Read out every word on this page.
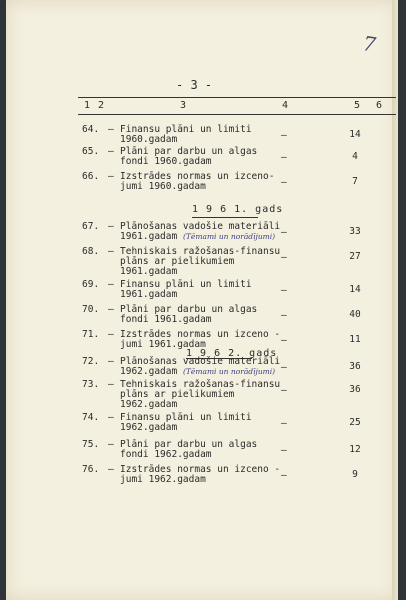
7
- 3 -
1 2	3	4	5 6
64. – Finansu plāni un limiti
1960.gadam	–	14
65. – Plāni par darbu un algas
fondi 1960.gadam	–	4
66. – Izstrādes normas un izceno-
jumi 1960.gadam	–	7
1 9 6 1. gads
67. – Plānošanas vadošie materiāli
1961.gadam (Tēmami un norādījumi) –	33
68. – Tehniskais ražošanas-finansu
plāns ar pielikumiem
1961.gadam
–	27
69. – Finansu plāni un limiti
1961.gadam	–	14
70. – Plāni par darbu un algas
fondi 1961.gadam	–	40
71. – Izstrādes normas un izceno -
jumi 1961.gadam	–	11
1 9 6 2. gads
72. – Plānošanas vadošie materiāli
1962.gadam (Tēmami un norādījumi) –	36
73. – Tehniskais ražošanas-finansu
plāns ar pielikumiem
1962.gadam
–	36
74. – Finansu plāni un limiti
1962.gadam	–	25
75. – Plāni par darbu un algas
fondi 1962.gadam	–	12
76. – Izstrādes normas un izceno -
jumi 1962.gadam	–	9
